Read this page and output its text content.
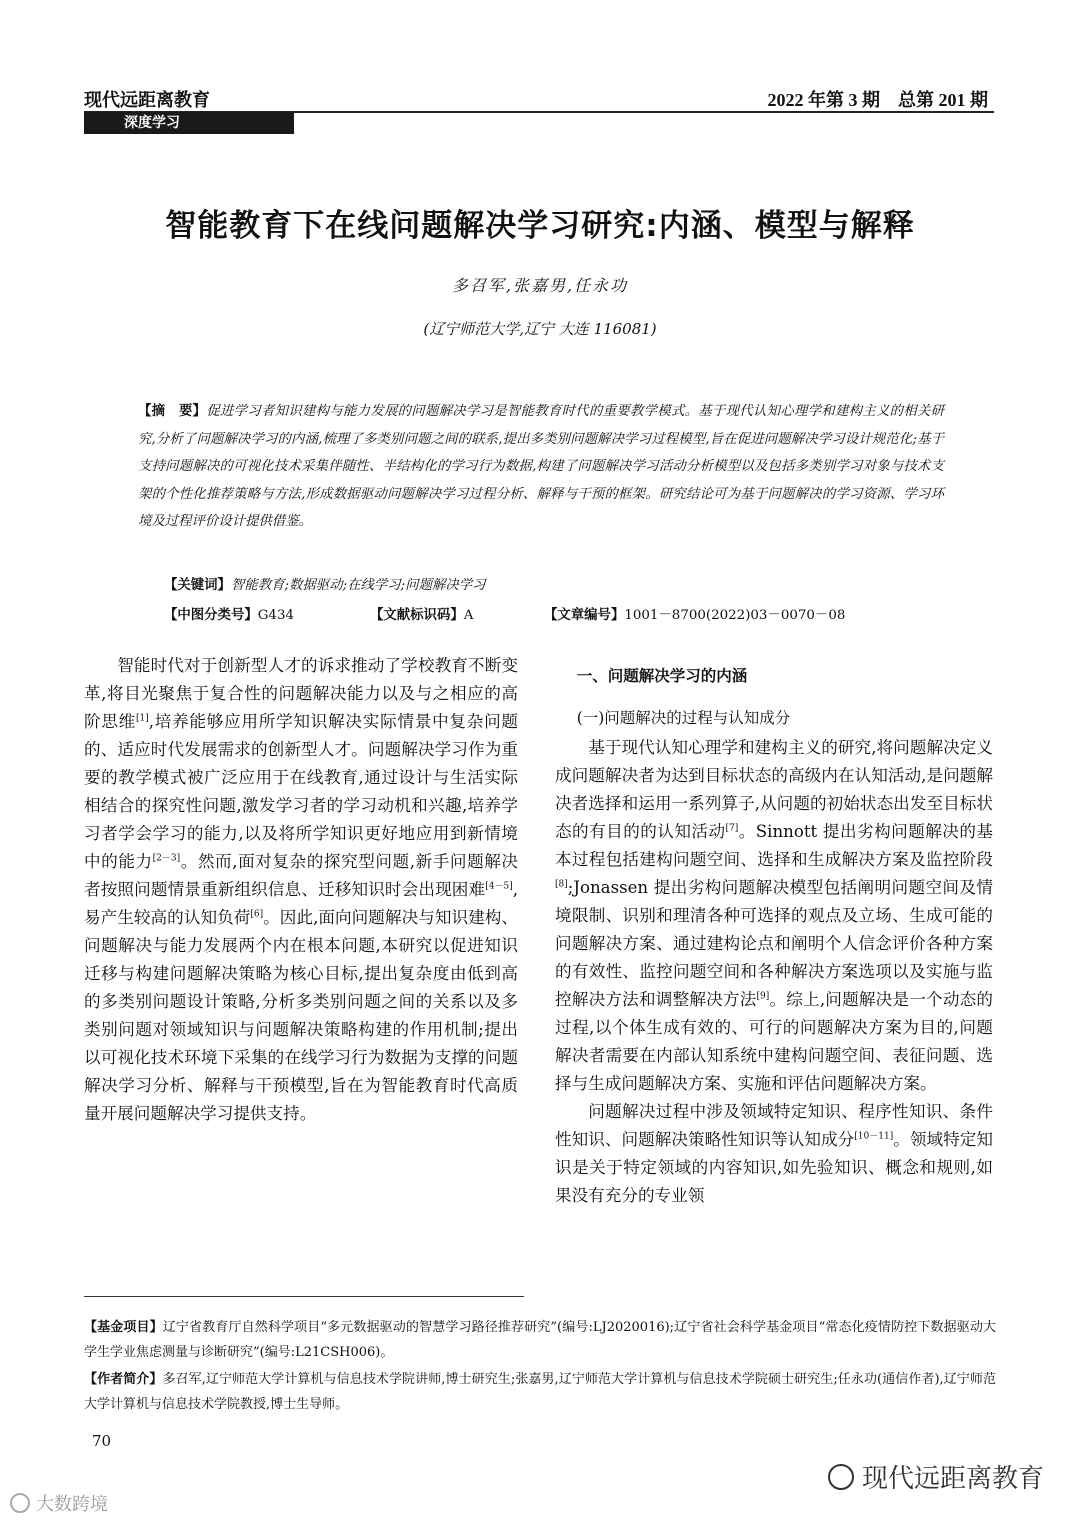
现代远距离教育	2022 年第 3 期　总第 201 期
深度学习
智能教育下在线问题解决学习研究:内涵、模型与解释
多召军,张嘉男,任永功
(辽宁师范大学,辽宁 大连 116081)
【摘　要】促进学习者知识建构与能力发展的问题解决学习是智能教育时代的重要教学模式。基于现代认知心理学和建构主义的相关研究,分析了问题解决学习的内涵,梳理了多类别问题之间的联系,提出多类别问题解决学习过程模型,旨在促进问题解决学习设计规范化;基于支持问题解决的可视化技术采集伴随性、半结构化的学习行为数据,构建了问题解决学习活动分析模型以及包括多类别学习对象与技术支架的个性化推荐策略与方法,形成数据驱动问题解决学习过程分析、解释与干预的框架。研究结论可为基于问题解决的学习资源、学习环境及过程评价设计提供借鉴。
【关键词】智能教育;数据驱动;在线学习;问题解决学习
【中图分类号】G434	【文献标识码】A	【文章编号】1001－8700(2022)03－0070－08

智能时代对于创新型人才的诉求推动了学校教育不断变革,将目光聚焦于复合性的问题解决能力以及与之相应的高阶思维[1],培养能够应用所学知识解决实际情景中复杂问题的、适应时代发展需求的创新型人才。问题解决学习作为重要的教学模式被广泛应用于在线教育,通过设计与生活实际相结合的探究性问题,激发学习者的学习动机和兴趣,培养学习者学会学习的能力,以及将所学知识更好地应用到新情境中的能力[2－3]。然而,面对复杂的探究型问题,新手问题解决者按照问题情景重新组织信息、迁移知识时会出现困难[4－5],易产生较高的认知负荷[6]。因此,面向问题解决与知识建构、问题解决与能力发展两个内在根本问题,本研究以促进知识迁移与构建问题解决策略为核心目标,提出复杂度由低到高的多类别问题设计策略,分析多类别问题之间的关系以及多类别问题对领域知识与问题解决策略构建的作用机制;提出以可视化技术环境下采集的在线学习行为数据为支撑的问题解决学习分析、解释与干预模型,旨在为智能教育时代高质量开展问题解决学习提供支持。

一、问题解决学习的内涵

(一)问题解决的过程与认知成分

基于现代认知心理学和建构主义的研究,将问题解决定义成问题解决者为达到目标状态的高级内在认知活动,是问题解决者选择和运用一系列算子,从问题的初始状态出发至目标状态的有目的的认知活动[7]。Sinnott 提出劣构问题解决的基本过程包括建构问题空间、选择和生成解决方案及监控阶段[8];Jonassen 提出劣构问题解决模型包括阐明问题空间及情境限制、识别和理清各种可选择的观点及立场、生成可能的问题解决方案、通过建构论点和阐明个人信念评价各种方案的有效性、监控问题空间和各种解决方案选项以及实施与监控解决方法和调整解决方法[9]。综上,问题解决是一个动态的过程,以个体生成有效的、可行的问题解决方案为目的,问题解决者需要在内部认知系统中建构问题空间、表征问题、选择与生成问题解决方案、实施和评估问题解决方案。

问题解决过程中涉及领域特定知识、程序性知识、条件性知识、问题解决策略性知识等认知成分[10－11]。领域特定知识是关于特定领域的内容知识,如先验知识、概念和规则,如果没有充分的专业领

【基金项目】辽宁省教育厅自然科学项目“多元数据驱动的智慧学习路径推荐研究”(编号:LJ2020016);辽宁省社会科学基金项目“常态化疫情防控下数据驱动大学生学业焦虑测量与诊断研究”(编号:L21CSH006)。
【作者简介】多召军,辽宁师范大学计算机与信息技术学院讲师,博士研究生;张嘉男,辽宁师范大学计算机与信息技术学院硕士研究生;任永功(通信作者),辽宁师范大学计算机与信息技术学院教授,博士生导师。
70
现代远距离教育
大数跨境
